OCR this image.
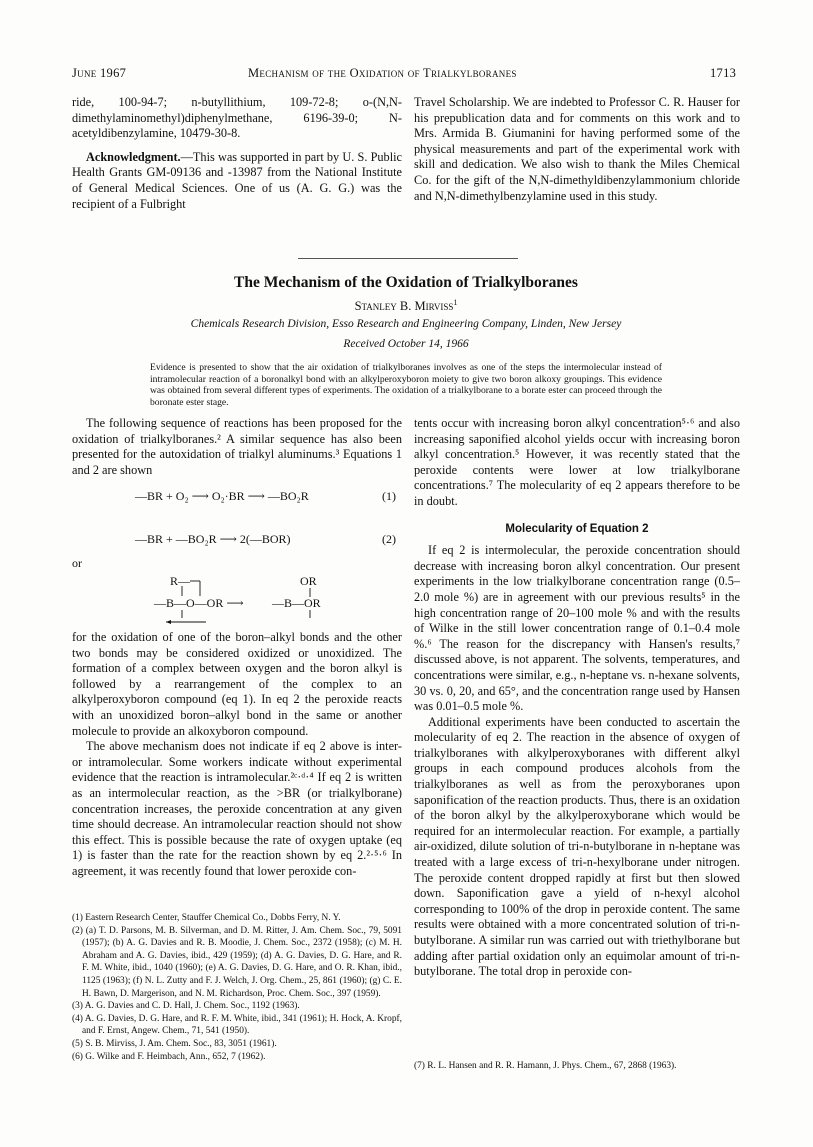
June 1967	Mechanism of the Oxidation of Trialkylboranes	1713

ride, 100-94-7; n-butyllithium, 109-72-8; o-(N,N-dimethylaminomethyl)diphenylmethane, 6196-39-0; N-acetyldibenzylamine, 10479-30-8.

Acknowledgment.—This was supported in part by U. S. Public Health Grants GM-09136 and -13987 from the National Institute of General Medical Sciences. One of us (A. G. G.) was the recipient of a Fulbright

Travel Scholarship. We are indebted to Professor C. R. Hauser for his prepublication data and for comments on this work and to Mrs. Armida B. Giumanini for having performed some of the physical measurements and part of the experimental work with skill and dedication. We also wish to thank the Miles Chemical Co. for the gift of the N,N-dimethyldibenzylammonium chloride and N,N-dimethylbenzylamine used in this study.

The Mechanism of the Oxidation of Trialkylboranes
Stanley B. Mirviss$^1$
Chemicals Research Division, Esso Research and Engineering Company, Linden, New Jersey
Received October 14, 1966
Evidence is presented to show that the air oxidation of trialkylboranes involves as one of the steps the intermolecular instead of intramolecular reaction of a boronalkyl bond with an alkylperoxyboron moiety to give two boron alkoxy groupings. This evidence was obtained from several different types of experiments. The oxidation of a trialkylborane to a borate ester can proceed through the boronate ester stage.

The following sequence of reactions has been proposed for the oxidation of trialkylboranes.² A similar sequence has also been presented for the autoxidation of trialkyl aluminums.³ Equations 1 and 2 are shown

—BR + O₂ ⟶ O₂·BR ⟶ —BO₂R	(1)
—BR + —BO₂R ⟶ 2(—BOR)	(2)
or
R—	OR
—B—O—OR ⟶ —B—OR

for the oxidation of one of the boron–alkyl bonds and the other two bonds may be considered oxidized or unoxidized. The formation of a complex between oxygen and the boron alkyl is followed by a rearrangement of the complex to an alkylperoxyboron compound (eq 1). In eq 2 the peroxide reacts with an unoxidized boron–alkyl bond in the same or another molecule to provide an alkoxyboron compound.

The above mechanism does not indicate if eq 2 above is inter- or intramolecular. Some workers indicate without experimental evidence that the reaction is intramolecular.²ᶜ·ᵈ·⁴ If eq 2 is written as an intermolecular reaction, as the >BR (or trialkylborane) concentration increases, the peroxide concentration at any given time should decrease. An intramolecular reaction should not show this effect. This is possible because the rate of oxygen uptake (eq 1) is faster than the rate for the reaction shown by eq 2.²·⁵·⁶ In agreement, it was recently found that lower peroxide con-

(1) Eastern Research Center, Stauffer Chemical Co., Dobbs Ferry, N. Y.

(2) (a) T. D. Parsons, M. B. Silverman, and D. M. Ritter, J. Am. Chem. Soc., 79, 5091 (1957); (b) A. G. Davies and R. B. Moodie, J. Chem. Soc., 2372 (1958); (c) M. H. Abraham and A. G. Davies, ibid., 429 (1959); (d) A. G. Davies, D. G. Hare, and R. F. M. White, ibid., 1040 (1960); (e) A. G. Davies, D. G. Hare, and O. R. Khan, ibid., 1125 (1963); (f) N. L. Zutty and F. J. Welch, J. Org. Chem., 25, 861 (1960); (g) C. E. H. Bawn, D. Margerison, and N. M. Richardson, Proc. Chem. Soc., 397 (1959).

(3) A. G. Davies and C. D. Hall, J. Chem. Soc., 1192 (1963).

(4) A. G. Davies, D. G. Hare, and R. F. M. White, ibid., 341 (1961); H. Hock, A. Kropf, and F. Ernst, Angew. Chem., 71, 541 (1950).

(5) S. B. Mirviss, J. Am. Chem. Soc., 83, 3051 (1961).

(6) G. Wilke and F. Heimbach, Ann., 652, 7 (1962).

tents occur with increasing boron alkyl concentration⁵·⁶ and also increasing saponified alcohol yields occur with increasing boron alkyl concentration.⁵ However, it was recently stated that the peroxide contents were lower at low trialkylborane concentrations.⁷ The molecularity of eq 2 appears therefore to be in doubt.

Molecularity of Equation 2

If eq 2 is intermolecular, the peroxide concentration should decrease with increasing boron alkyl concentration. Our present experiments in the low trialkylborane concentration range (0.5–2.0 mole %) are in agreement with our previous results⁵ in the high concentration range of 20–100 mole % and with the results of Wilke in the still lower concentration range of 0.1–0.4 mole %.⁶ The reason for the discrepancy with Hansen's results,⁷ discussed above, is not apparent. The solvents, temperatures, and concentrations were similar, e.g., n-heptane vs. n-hexane solvents, 30 vs. 0, 20, and 65°, and the concentration range used by Hansen was 0.01–0.5 mole %.

Additional experiments have been conducted to ascertain the molecularity of eq 2. The reaction in the absence of oxygen of trialkylboranes with alkylperoxyboranes with different alkyl groups in each compound produces alcohols from the trialkylboranes as well as from the peroxyboranes upon saponification of the reaction products. Thus, there is an oxidation of the boron alkyl by the alkylperoxyborane which would be required for an intermolecular reaction. For example, a partially air-oxidized, dilute solution of tri-n-butylborane in n-heptane was treated with a large excess of tri-n-hexylborane under nitrogen. The peroxide content dropped rapidly at first but then slowed down. Saponification gave a yield of n-hexyl alcohol corresponding to 100% of the drop in peroxide content. The same results were obtained with a more concentrated solution of tri-n-butylborane. A similar run was carried out with triethylborane but adding after partial oxidation only an equimolar amount of tri-n-butylborane. The total drop in peroxide con-

(7) R. L. Hansen and R. R. Hamann, J. Phys. Chem., 67, 2868 (1963).
